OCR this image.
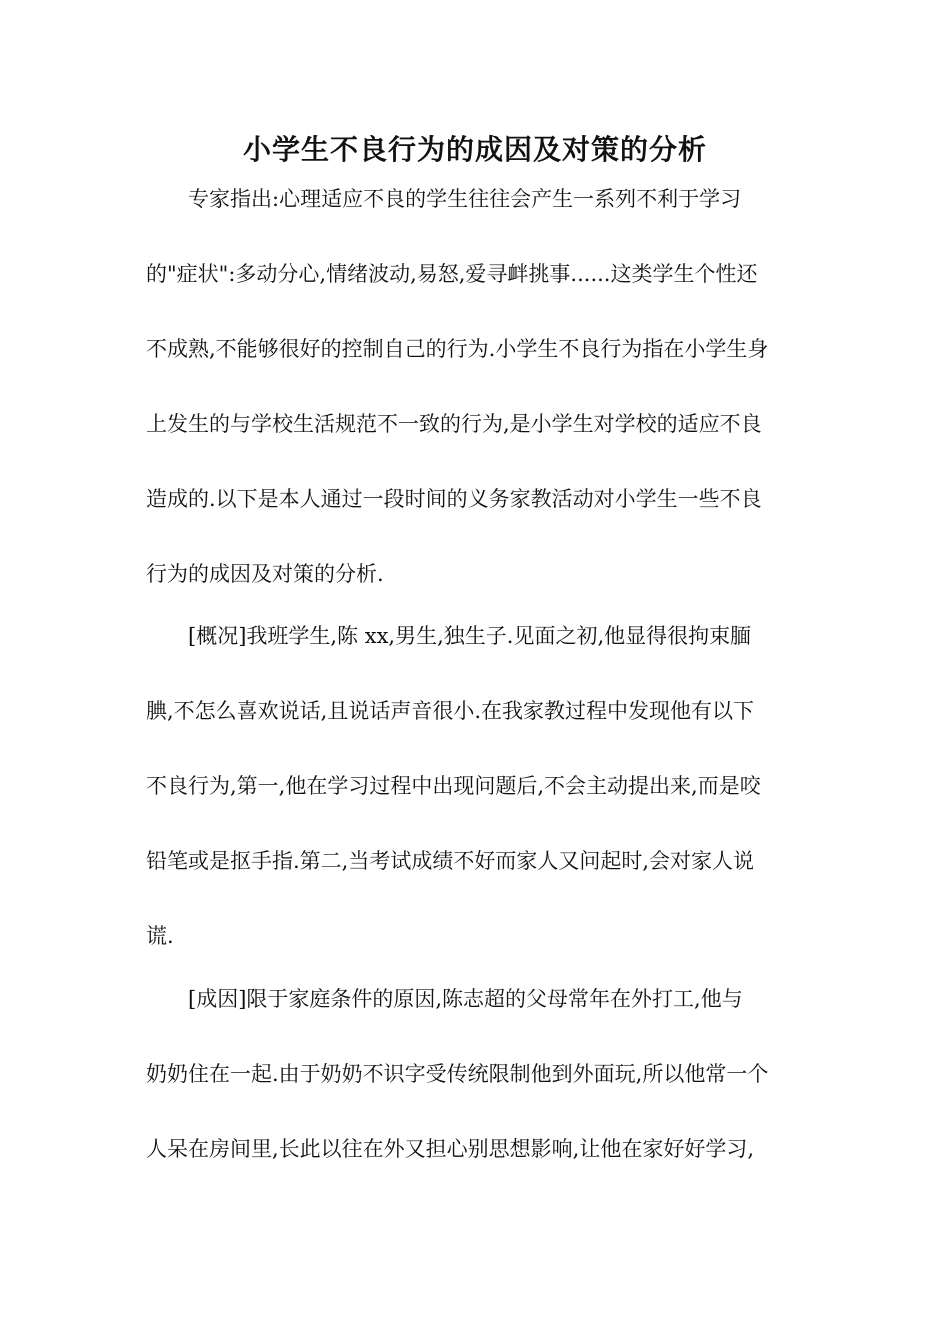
小学生不良行为的成因及对策的分析
专家指出:心理适应不良的学生往往会产生一系列不利于学习
的"症状":多动分心,情绪波动,易怒,爱寻衅挑事......这类学生个性还
不成熟,不能够很好的控制自己的行为.小学生不良行为指在小学生身
上发生的与学校生活规范不一致的行为,是小学生对学校的适应不良
造成的.以下是本人通过一段时间的义务家教活动对小学生一些不良
行为的成因及对策的分析.
[概况]我班学生,陈 xx,男生,独生子.见面之初,他显得很拘束腼
腆,不怎么喜欢说话,且说话声音很小.在我家教过程中发现他有以下
不良行为,第一,他在学习过程中出现问题后,不会主动提出来,而是咬
铅笔或是抠手指.第二,当考试成绩不好而家人又问起时,会对家人说
谎.
[成因]限于家庭条件的原因,陈志超的父母常年在外打工,他与
奶奶住在一起.由于奶奶不识字受传统限制他到外面玩,所以他常一个
人呆在房间里,长此以往在外又担心别思想影响,让他在家好好学习,
